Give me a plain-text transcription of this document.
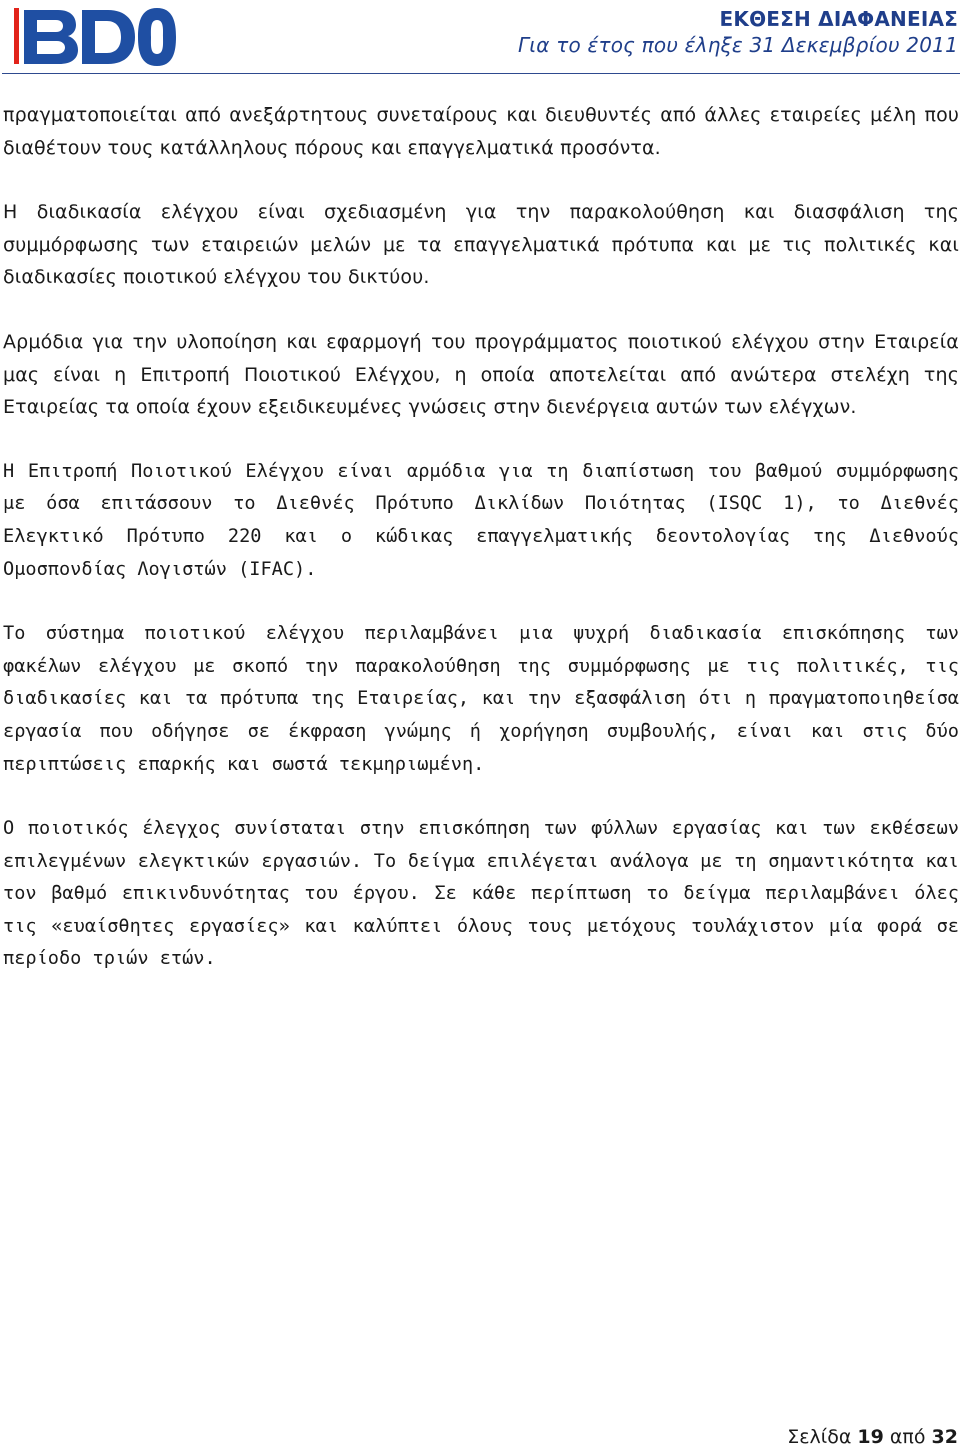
ΕΚΘΕΣΗ ΔΙΑΦΑΝΕΙΑΣ
Για το έτος που έληξε 31 Δεκεμβρίου 2011

πραγματοποιείται από ανεξάρτητους συνεταίρους και διευθυντές από άλλες εταιρείες μέλη που διαθέτουν τους κατάλληλους πόρους και επαγγελματικά προσόντα.

Η διαδικασία ελέγχου είναι σχεδιασμένη για την παρακολούθηση και διασφάλιση της συμμόρφωσης των εταιρειών μελών με τα επαγγελματικά πρότυπα και με τις πολιτικές και διαδικασίες ποιοτικού ελέγχου του δικτύου.

Αρμόδια για την υλοποίηση και εφαρμογή του προγράμματος ποιοτικού ελέγχου στην Εταιρεία μας είναι η Επιτροπή Ποιοτικού Ελέγχου, η οποία αποτελείται από ανώτερα στελέχη της Εταιρείας τα οποία έχουν εξειδικευμένες γνώσεις στην διενέργεια αυτών των ελέγχων.

Η Επιτροπή Ποιοτικού Ελέγχου είναι αρμόδια για τη διαπίστωση του βαθμού συμμόρφωσης με όσα επιτάσσουν το Διεθνές Πρότυπο Δικλίδων Ποιότητας (ISQC 1), το Διεθνές Ελεγκτικό Πρότυπο 220 και ο κώδικας επαγγελματικής δεοντολογίας της Διεθνούς Ομοσπονδίας Λογιστών (IFAC).

Το σύστημα ποιοτικού ελέγχου περιλαμβάνει μια ψυχρή διαδικασία επισκόπησης των φακέλων ελέγχου με σκοπό την παρακολούθηση της συμμόρφωσης με τις πολιτικές, τις διαδικασίες και τα πρότυπα της Εταιρείας, και την εξασφάλιση ότι η πραγματοποιηθείσα εργασία που οδήγησε σε έκφραση γνώμης ή χορήγηση συμβουλής, είναι και στις δύο περιπτώσεις επαρκής και σωστά τεκμηριωμένη.

Ο ποιοτικός έλεγχος συνίσταται στην επισκόπηση των φύλλων εργασίας και των εκθέσεων επιλεγμένων ελεγκτικών εργασιών. Το δείγμα επιλέγεται ανάλογα με τη σημαντικότητα και τον βαθμό επικινδυνότητας του έργου. Σε κάθε περίπτωση το δείγμα περιλαμβάνει όλες τις «ευαίσθητες εργασίες» και καλύπτει όλους τους μετόχους τουλάχιστον μία φορά σε περίοδο τριών ετών.

Σελίδα 19 από 32
